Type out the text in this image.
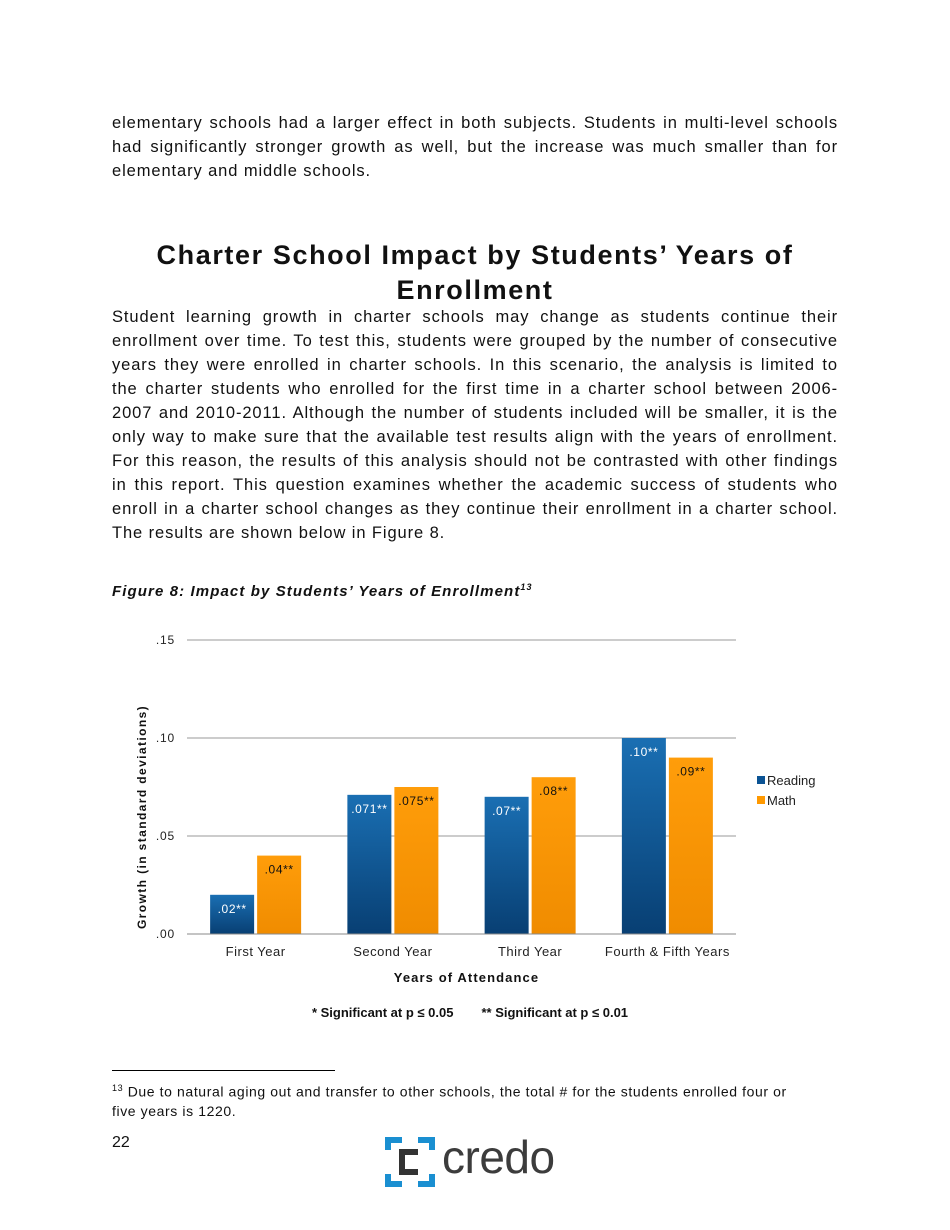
elementary schools had a larger effect in both subjects. Students in multi-level schools had significantly stronger growth as well, but the increase was much smaller than for elementary and middle schools.

Charter School Impact by Students’ Years of Enrollment

Student learning growth in charter schools may change as students continue their enrollment over time. To test this, students were grouped by the number of consecutive years they were enrolled in charter schools. In this scenario, the analysis is limited to the charter students who enrolled for the first time in a charter school between 2006-2007 and 2010-2011. Although the number of students included will be smaller, it is the only way to make sure that the available test results align with the years of enrollment. For this reason, the results of this analysis should not be contrasted with other findings in this report. This question examines whether the academic success of students who enroll in a charter school changes as they continue their enrollment in a charter school. The results are shown below in Figure 8.

Figure 8: Impact by Students’ Years of Enrollment$^{13}$

.00
.05
.10
.15
.02**
.04**
First Year
.071**
.075**
Second Year
.07**
.08**
Third Year
.10**
.09**
Fourth & Fifth Years
Years of Attendance
Growth (in standard deviations)	Reading
Math

* Significant at p ≤ 0.05 ** Significant at p ≤ 0.01

$^{13}$ Due to natural aging out and transfer to other schools, the total # for the students enrolled four or five years is 1220.

22	credo
